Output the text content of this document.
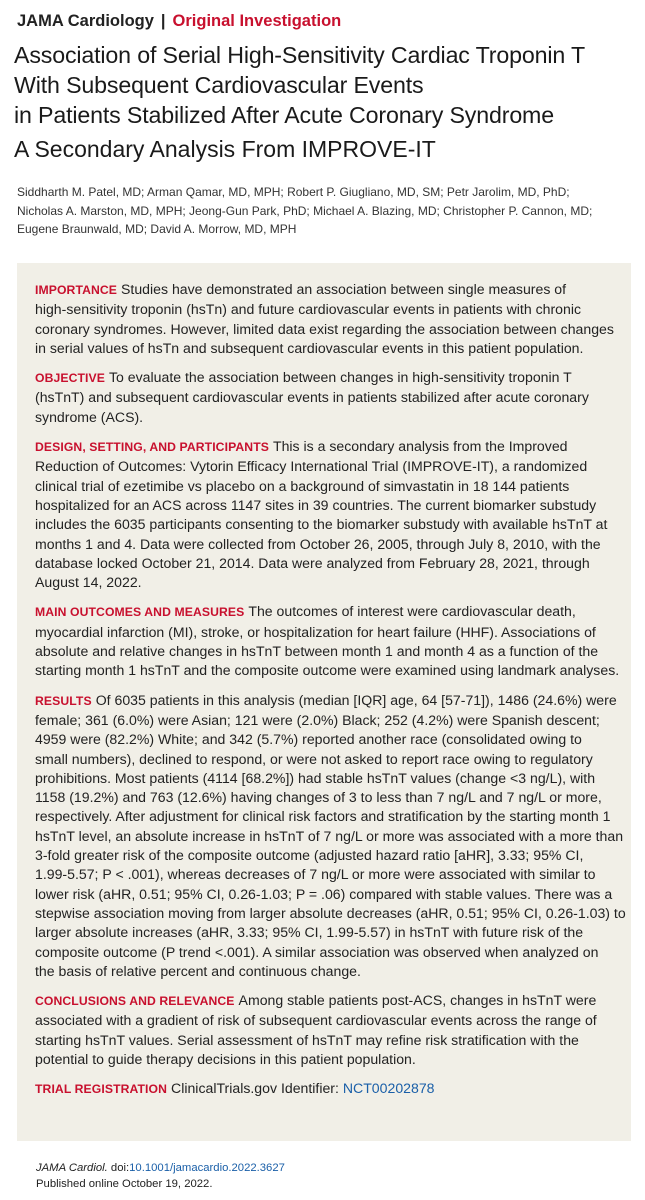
JAMA Cardiology | Original Investigation
Association of Serial High-Sensitivity Cardiac Troponin T
With Subsequent Cardiovascular Events
in Patients Stabilized After Acute Coronary Syndrome
A Secondary Analysis From IMPROVE-IT
Siddharth M. Patel, MD; Arman Qamar, MD, MPH; Robert P. Giugliano, MD, SM; Petr Jarolim, MD, PhD;
Nicholas A. Marston, MD, MPH; Jeong-Gun Park, PhD; Michael A. Blazing, MD; Christopher P. Cannon, MD;
Eugene Braunwald, MD; David A. Morrow, MD, MPH
IMPORTANCE Studies have demonstrated an association between single measures of
high-sensitivity troponin (hsTn) and future cardiovascular events in patients with chronic
coronary syndromes. However, limited data exist regarding the association between changes
in serial values of hsTn and subsequent cardiovascular events in this patient population.
OBJECTIVE To evaluate the association between changes in high-sensitivity troponin T
(hsTnT) and subsequent cardiovascular events in patients stabilized after acute coronary
syndrome (ACS).
DESIGN, SETTING, AND PARTICIPANTS This is a secondary analysis from the Improved
Reduction of Outcomes: Vytorin Efficacy International Trial (IMPROVE-IT), a randomized
clinical trial of ezetimibe vs placebo on a background of simvastatin in 18 144 patients
hospitalized for an ACS across 1147 sites in 39 countries. The current biomarker substudy
includes the 6035 participants consenting to the biomarker substudy with available hsTnT at
months 1 and 4. Data were collected from October 26, 2005, through July 8, 2010, with the
database locked October 21, 2014. Data were analyzed from February 28, 2021, through
August 14, 2022.
MAIN OUTCOMES AND MEASURES The outcomes of interest were cardiovascular death,
myocardial infarction (MI), stroke, or hospitalization for heart failure (HHF). Associations of
absolute and relative changes in hsTnT between month 1 and month 4 as a function of the
starting month 1 hsTnT and the composite outcome were examined using landmark analyses.
RESULTS Of 6035 patients in this analysis (median [IQR] age, 64 [57-71]), 1486 (24.6%) were
female; 361 (6.0%) were Asian; 121 were (2.0%) Black; 252 (4.2%) were Spanish descent;
4959 were (82.2%) White; and 342 (5.7%) reported another race (consolidated owing to
small numbers), declined to respond, or were not asked to report race owing to regulatory
prohibitions. Most patients (4114 [68.2%]) had stable hsTnT values (change <3 ng/L), with
1158 (19.2%) and 763 (12.6%) having changes of 3 to less than 7 ng/L and 7 ng/L or more,
respectively. After adjustment for clinical risk factors and stratification by the starting month 1
hsTnT level, an absolute increase in hsTnT of 7 ng/L or more was associated with a more than
3-fold greater risk of the composite outcome (adjusted hazard ratio [aHR], 3.33; 95% CI,
1.99-5.57; P < .001), whereas decreases of 7 ng/L or more were associated with similar to
lower risk (aHR, 0.51; 95% CI, 0.26-1.03; P = .06) compared with stable values. There was a
stepwise association moving from larger absolute decreases (aHR, 0.51; 95% CI, 0.26-1.03) to
larger absolute increases (aHR, 3.33; 95% CI, 1.99-5.57) in hsTnT with future risk of the
composite outcome (P trend <.001). A similar association was observed when analyzed on
the basis of relative percent and continuous change.
CONCLUSIONS AND RELEVANCE Among stable patients post-ACS, changes in hsTnT were
associated with a gradient of risk of subsequent cardiovascular events across the range of
starting hsTnT values. Serial assessment of hsTnT may refine risk stratification with the
potential to guide therapy decisions in this patient population.
TRIAL REGISTRATION ClinicalTrials.gov Identifier: NCT00202878
JAMA Cardiol. doi:10.1001/jamacardio.2022.3627
Published online October 19, 2022.
